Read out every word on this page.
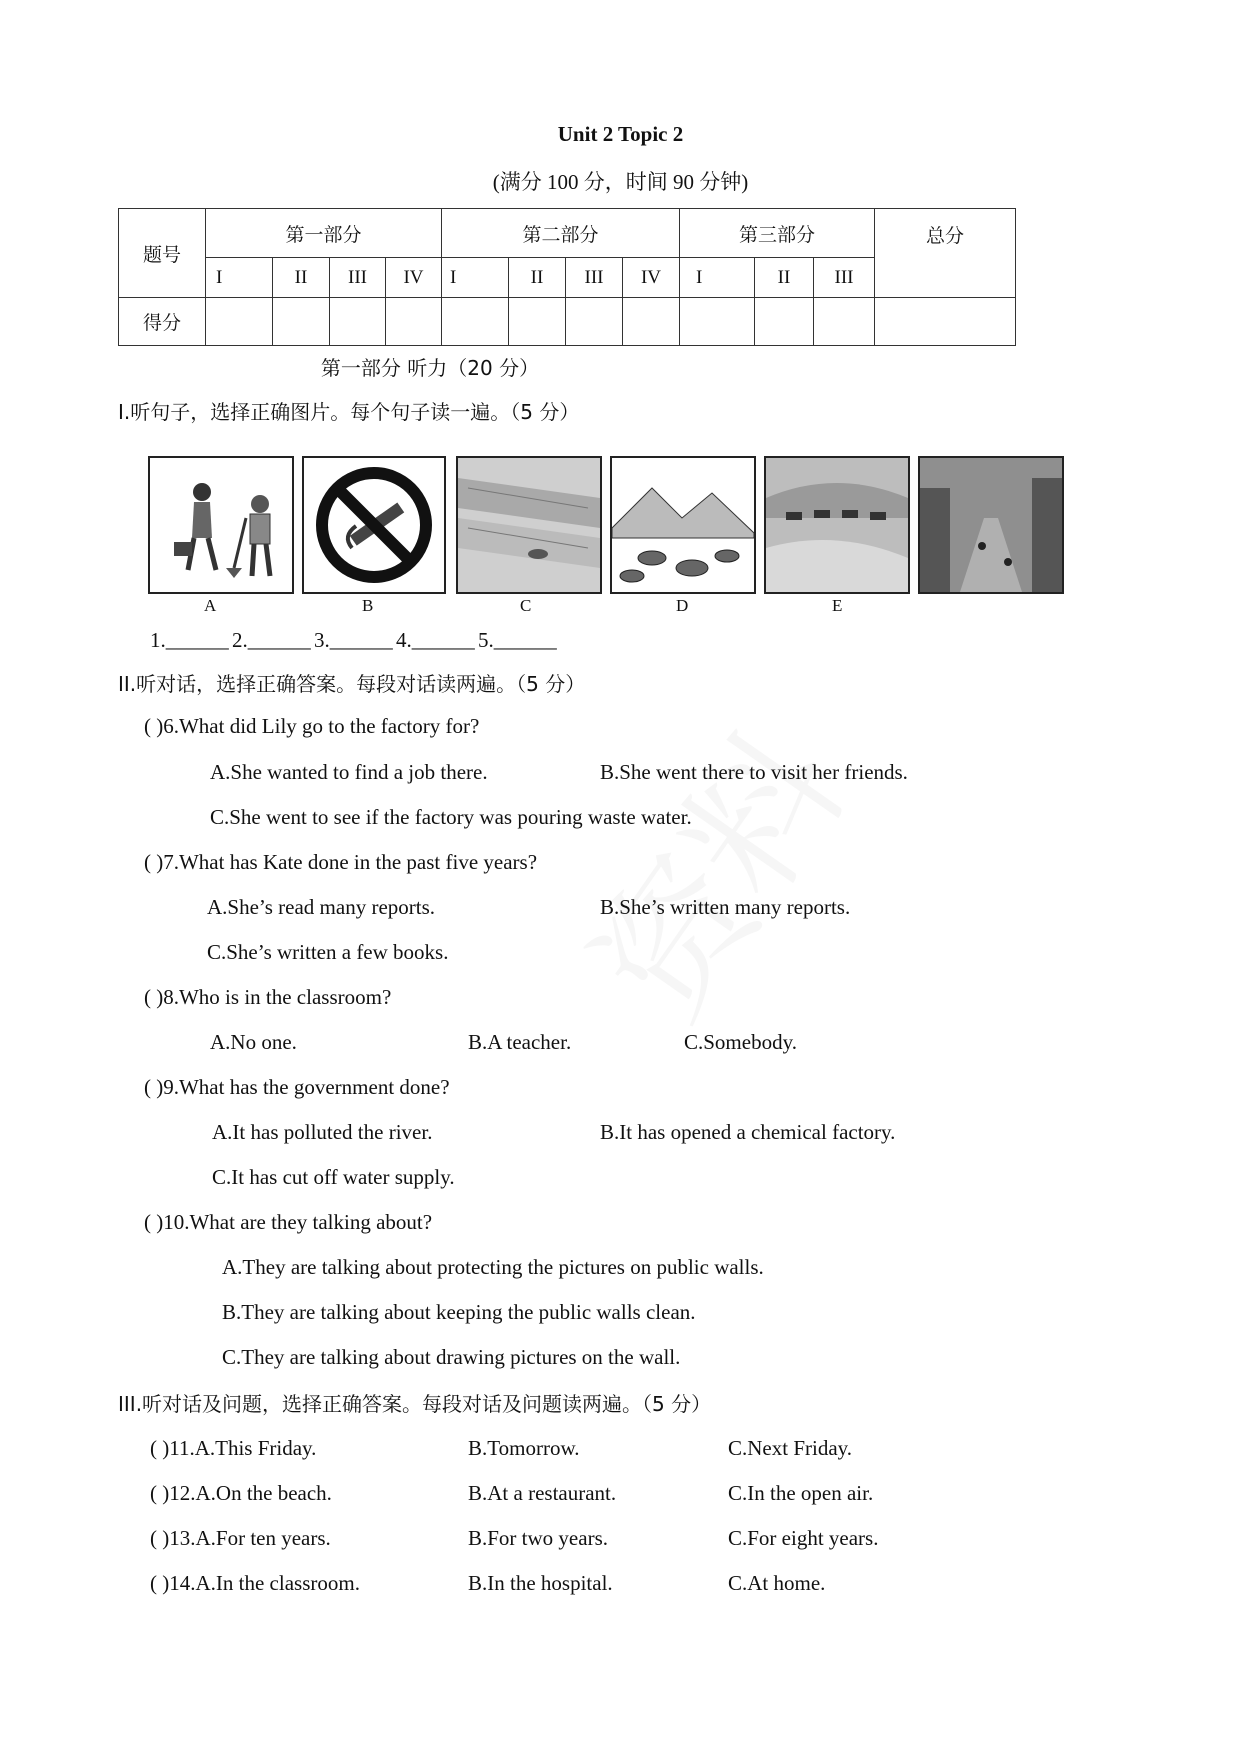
Unit 2 Topic 2
(满分 100 分，时间 90 分钟)
题号	第一部分				第二部分				第三部分			总分
	I	II	III	IV	I	II	III	IV	I	II	III	
得分												
第一部分 听力（20 分）
I.听句子，选择正确图片。每个句子读一遍。（5 分）
A	B	C	D	E
1.______ 2.______ 3.______ 4.______ 5.______
II.听对话，选择正确答案。每段对话读两遍。（5 分）
( )6.What did Lily go to the factory for?
A.She wanted to find a job there.	B.She went there to visit her friends.
C.She went to see if the factory was pouring waste water.
( )7.What has Kate done in the past five years?
A.She’s read many reports.	B.She’s written many reports.
C.She’s written a few books.
( )8.Who is in the classroom?
A.No one.	B.A teacher.	C.Somebody.
( )9.What has the government done?
A.It has polluted the river.	B.It has opened a chemical factory.
C.It has cut off water supply.
( )10.What are they talking about?
A.They are talking about protecting the pictures on public walls.
B.They are talking about keeping the public walls clean.
C.They are talking about drawing pictures on the wall.
III.听对话及问题，选择正确答案。每段对话及问题读两遍。（5 分）
( )11.A.This Friday.	B.Tomorrow.	C.Next Friday.
( )12.A.On the beach.	B.At a restaurant.	C.In the open air.
( )13.A.For ten years.	B.For two years.	C.For eight years.
( )14.A.In the classroom.	B.In the hospital.	C.At home.
